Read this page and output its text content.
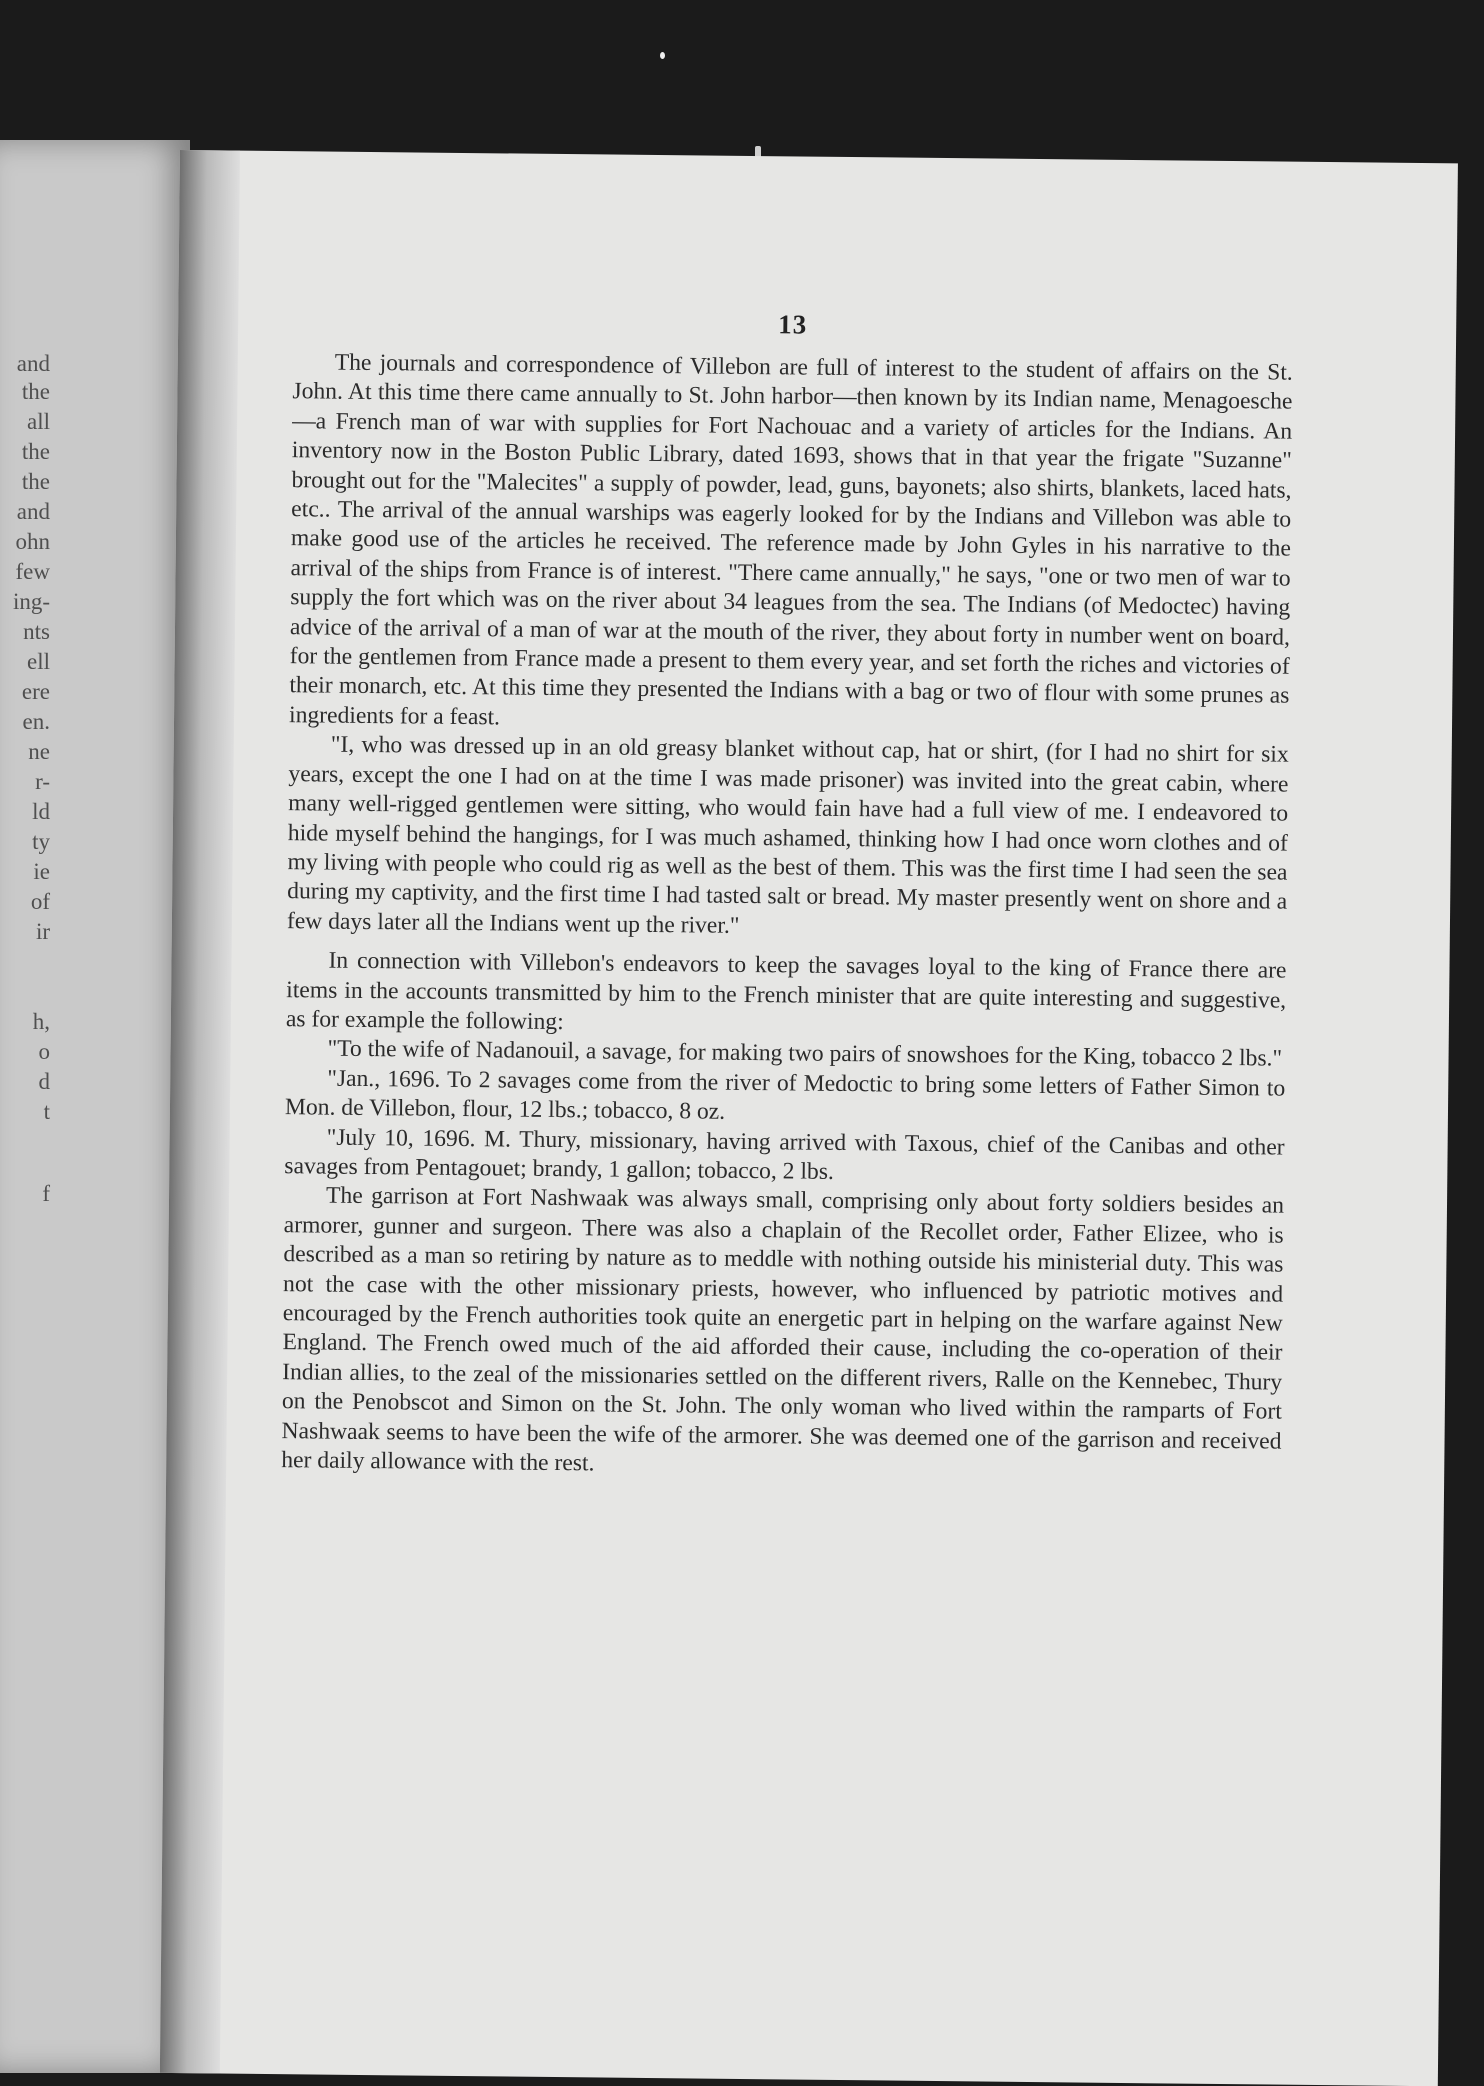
and
the
all
the
the
and
ohn
few
ing-
nts
ell
ere
en.
ne
r-
ld
ty
ie
of
ir
h,
o
d
t
f
13

The journals and correspondence of Villebon are full of interest to the student of affairs on the St. John. At this time there came annually to St. John harbor—then known by its Indian name, Menagoesche—a French man of war with supplies for Fort Nachouac and a variety of articles for the Indians. An inventory now in the Boston Public Library, dated 1693, shows that in that year the frigate "Suzanne" brought out for the "Malecites" a supply of powder, lead, guns, bayonets; also shirts, blankets, laced hats, etc.. The arrival of the annual warships was eagerly looked for by the Indians and Villebon was able to make good use of the articles he received. The reference made by John Gyles in his narrative to the arrival of the ships from France is of interest. "There came annually," he says, "one or two men of war to supply the fort which was on the river about 34 leagues from the sea. The Indians (of Medoctec) having advice of the arrival of a man of war at the mouth of the river, they about forty in number went on board, for the gentlemen from France made a present to them every year, and set forth the riches and victories of their monarch, etc. At this time they presented the Indians with a bag or two of flour with some prunes as ingredients for a feast.

"I, who was dressed up in an old greasy blanket without cap, hat or shirt, (for I had no shirt for six years, except the one I had on at the time I was made prisoner) was invited into the great cabin, where many well-rigged gentlemen were sitting, who would fain have had a full view of me. I endeavored to hide myself behind the hangings, for I was much ashamed, thinking how I had once worn clothes and of my living with people who could rig as well as the best of them. This was the first time I had seen the sea during my captivity, and the first time I had tasted salt or bread. My master presently went on shore and a few days later all the Indians went up the river."

In connection with Villebon's endeavors to keep the savages loyal to the king of France there are items in the accounts transmitted by him to the French minister that are quite interesting and suggestive, as for example the following:

"To the wife of Nadanouil, a savage, for making two pairs of snowshoes for the King, tobacco 2 lbs."

"Jan., 1696. To 2 savages come from the river of Medoctic to bring some letters of Father Simon to Mon. de Villebon, flour, 12 lbs.; tobacco, 8 oz.

"July 10, 1696. M. Thury, missionary, having arrived with Taxous, chief of the Canibas and other savages from Pentagouet; brandy, 1 gallon; tobacco, 2 lbs.

The garrison at Fort Nashwaak was always small, comprising only about forty soldiers besides an armorer, gunner and surgeon. There was also a chaplain of the Recollet order, Father Elizee, who is described as a man so retiring by nature as to meddle with nothing outside his ministerial duty. This was not the case with the other missionary priests, however, who influenced by patriotic motives and encouraged by the French authorities took quite an energetic part in helping on the warfare against New England. The French owed much of the aid afforded their cause, including the co-operation of their Indian allies, to the zeal of the missionaries settled on the different rivers, Ralle on the Kennebec, Thury on the Penobscot and Simon on the St. John. The only woman who lived within the ramparts of Fort Nashwaak seems to have been the wife of the armorer. She was deemed one of the garrison and received her daily allowance with the rest.
